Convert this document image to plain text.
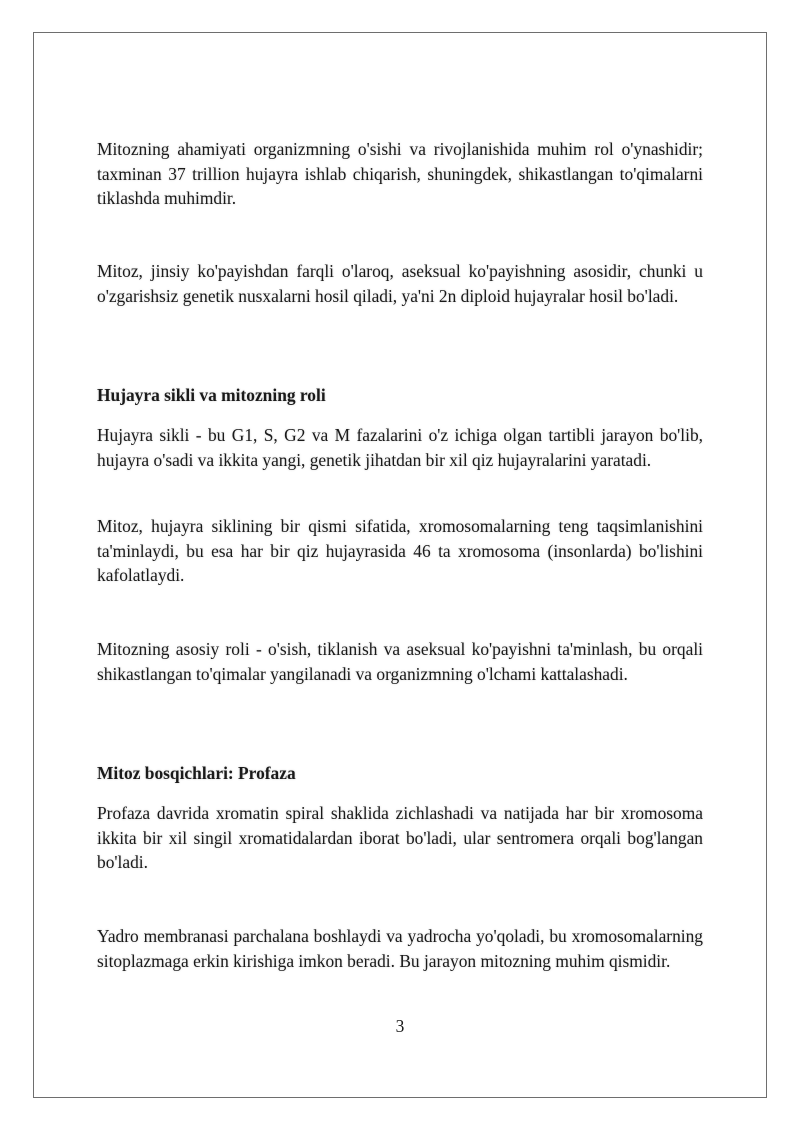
Mitozning ahamiyati organizmning o'sishi va rivojlanishida muhim rol o'ynashidir; taxminan 37 trillion hujayra ishlab chiqarish, shuningdek, shikastlangan to'qimalarni tiklashda muhimdir.

Mitoz, jinsiy ko'payishdan farqli o'laroq, aseksual ko'payishning asosidir, chunki u o'zgarishsiz genetik nusxalarni hosil qiladi, ya'ni 2n diploid hujayralar hosil bo'ladi.

Hujayra sikli va mitozning roli

Hujayra sikli - bu G1, S, G2 va M fazalarini o'z ichiga olgan tartibli jarayon bo'lib, hujayra o'sadi va ikkita yangi, genetik jihatdan bir xil qiz hujayralarini yaratadi.

Mitoz, hujayra siklining bir qismi sifatida, xromosomalarning teng taqsimlanishini ta'minlaydi, bu esa har bir qiz hujayrasida 46 ta xromosoma (insonlarda) bo'lishini kafolatlaydi.

Mitozning asosiy roli - o'sish, tiklanish va aseksual ko'payishni ta'minlash, bu orqali shikastlangan to'qimalar yangilanadi va organizmning o'lchami kattalashadi.

Mitoz bosqichlari: Profaza

Profaza davrida xromatin spiral shaklida zichlashadi va natijada har bir xromosoma ikkita bir xil singil xromatidalardan iborat bo'ladi, ular sentromera orqali bog'langan bo'ladi.

Yadro membranasi parchalana boshlaydi va yadrocha yo'qoladi, bu xromosomalarning sitoplazmaga erkin kirishiga imkon beradi. Bu jarayon mitozning muhim qismidir.

3
